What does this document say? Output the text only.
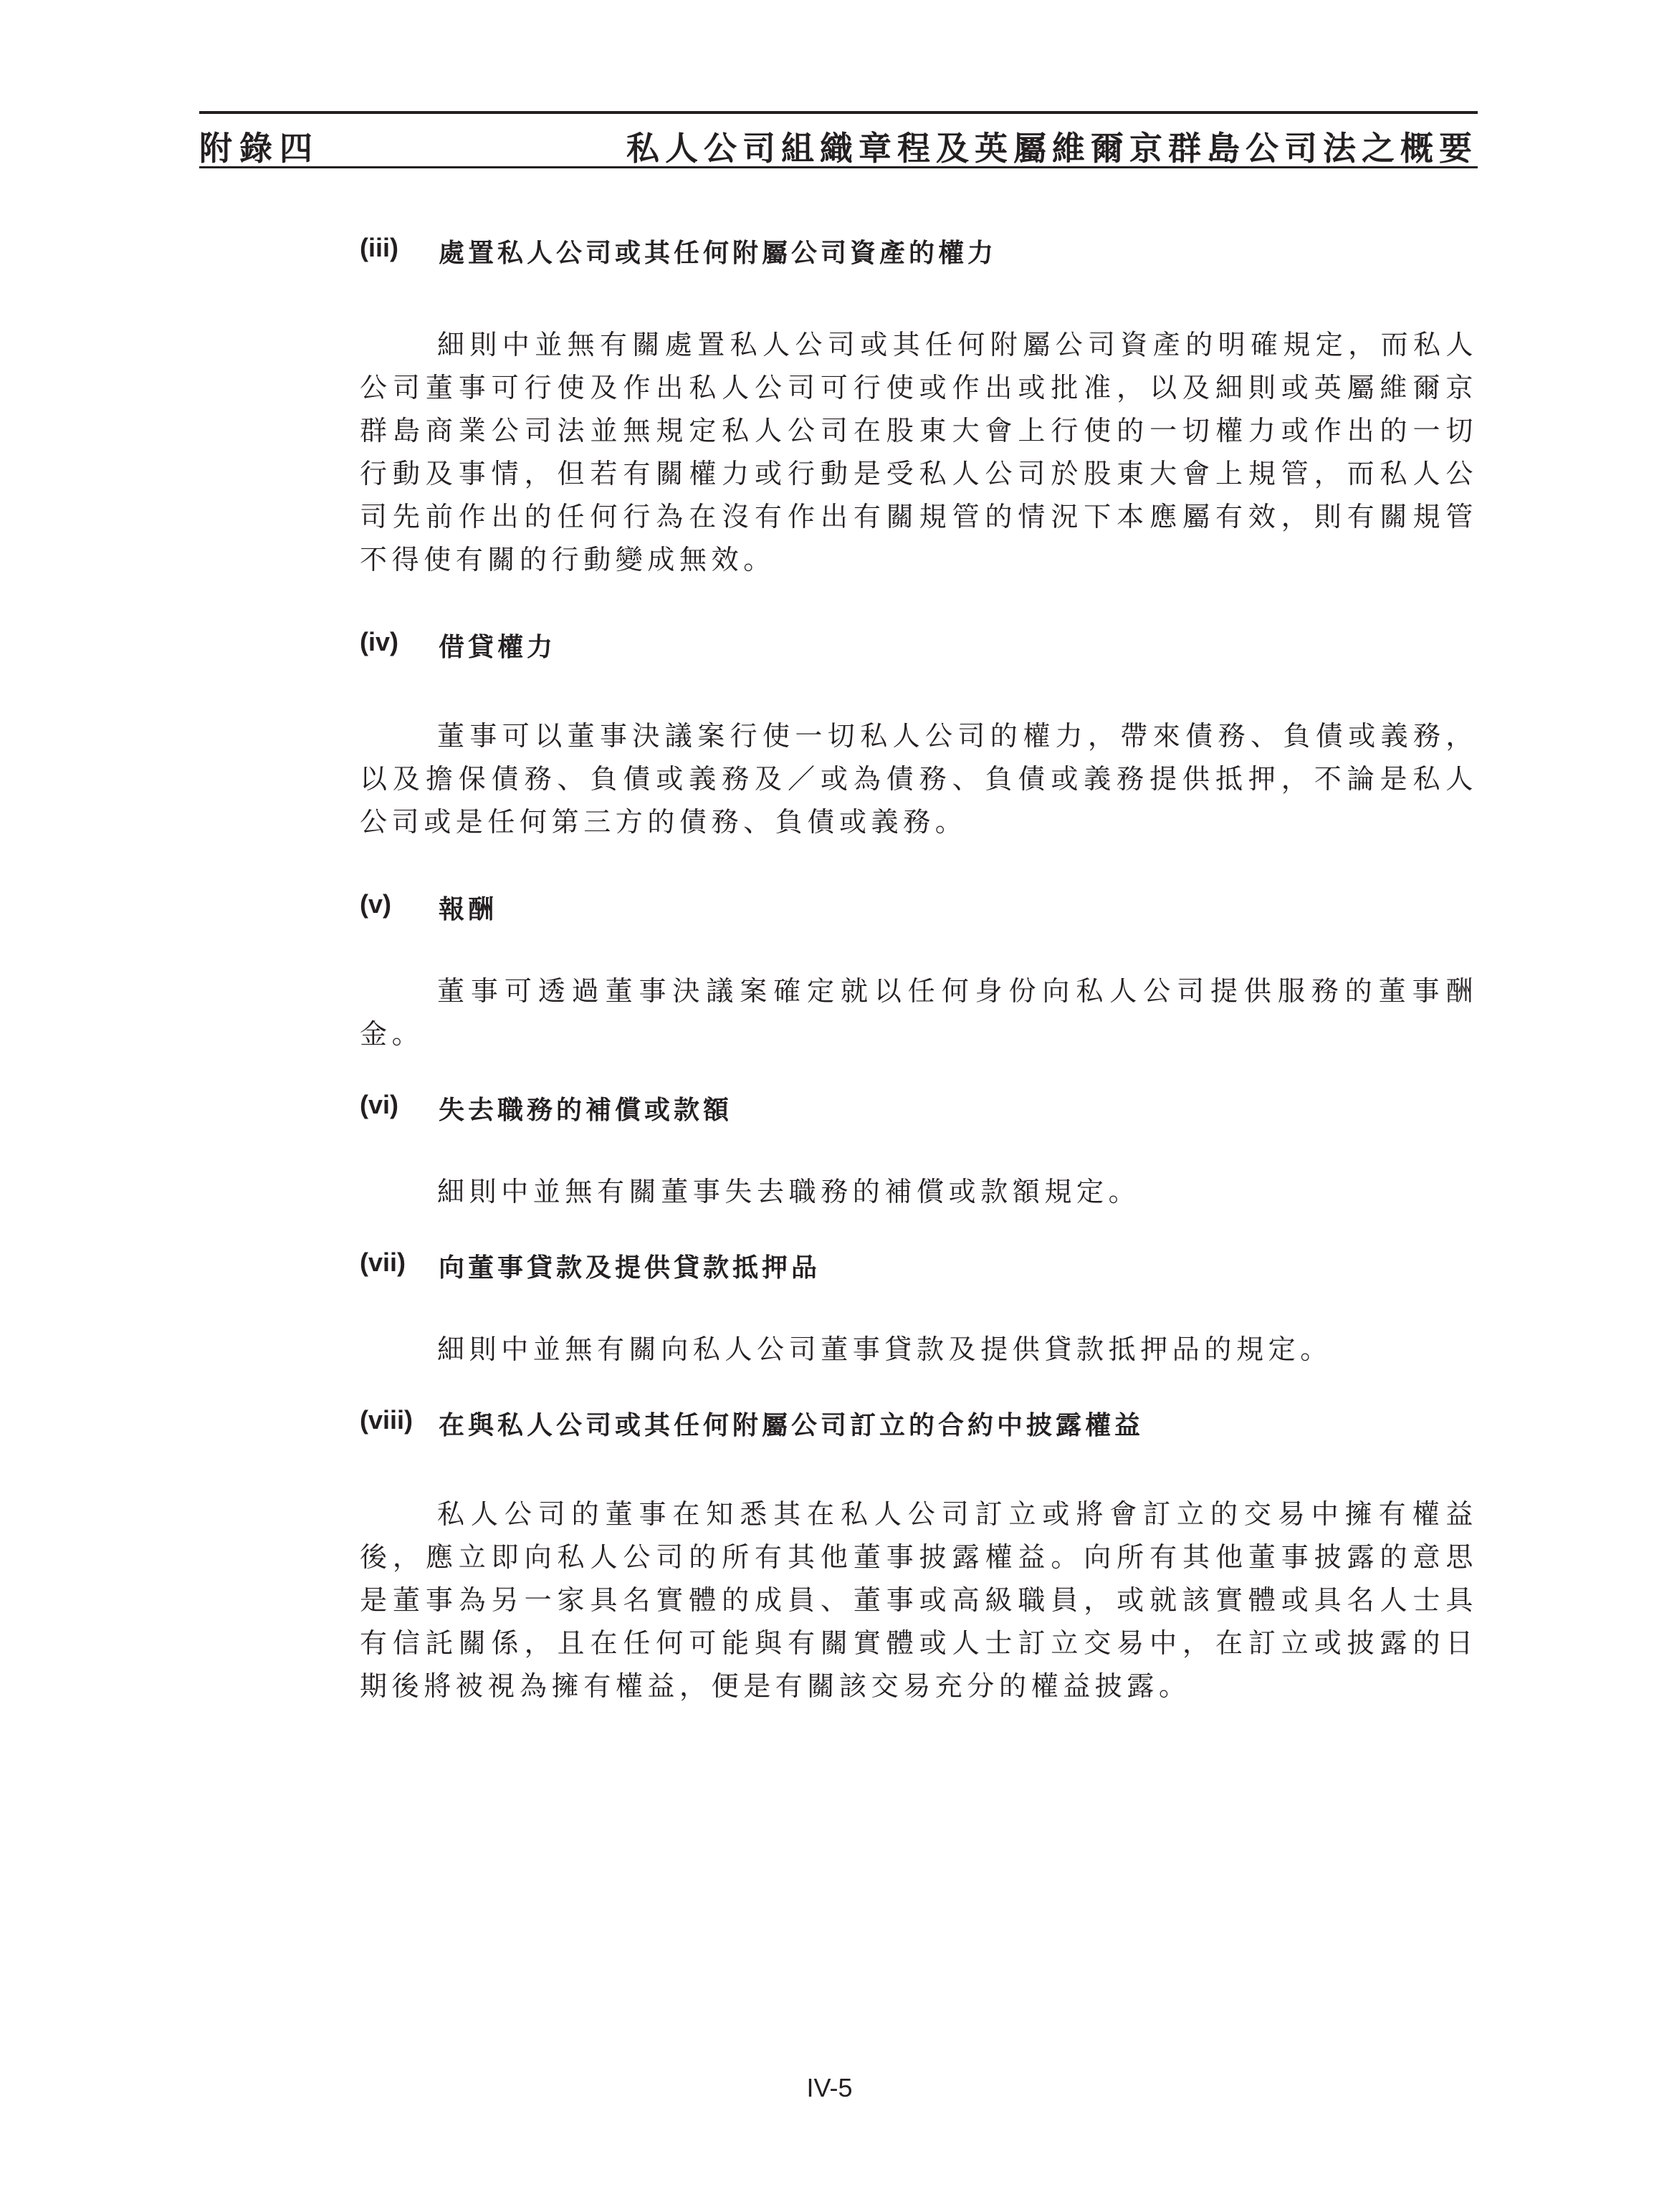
附錄四	私人公司組織章程及英屬維爾京群島公司法之概要
(iii) 處置私人公司或其任何附屬公司資產的權力

細則中並無有關處置私人公司或其任何附屬公司資產的明確規定，而私人公司董事可行使及作出私人公司可行使或作出或批准，以及細則或英屬維爾京群島商業公司法並無規定私人公司在股東大會上行使的一切權力或作出的一切行動及事情，但若有關權力或行動是受私人公司於股東大會上規管，而私人公司先前作出的任何行為在沒有作出有關規管的情況下本應屬有效，則有關規管不得使有關的行動變成無效。

(iv) 借貸權力

董事可以董事決議案行使一切私人公司的權力，帶來債務、負債或義務，以及擔保債務、負債或義務及／或為債務、負債或義務提供抵押，不論是私人公司或是任何第三方的債務、負債或義務。

(v) 報酬

董事可透過董事決議案確定就以任何身份向私人公司提供服務的董事酬金。

(vi) 失去職務的補償或款額

細則中並無有關董事失去職務的補償或款額規定。

(vii) 向董事貸款及提供貸款抵押品

細則中並無有關向私人公司董事貸款及提供貸款抵押品的規定。

(viii) 在與私人公司或其任何附屬公司訂立的合約中披露權益

私人公司的董事在知悉其在私人公司訂立或將會訂立的交易中擁有權益後，應立即向私人公司的所有其他董事披露權益。向所有其他董事披露的意思是董事為另一家具名實體的成員、董事或高級職員，或就該實體或具名人士具有信託關係，且在任何可能與有關實體或人士訂立交易中，在訂立或披露的日期後將被視為擁有權益，便是有關該交易充分的權益披露。

IV-5
